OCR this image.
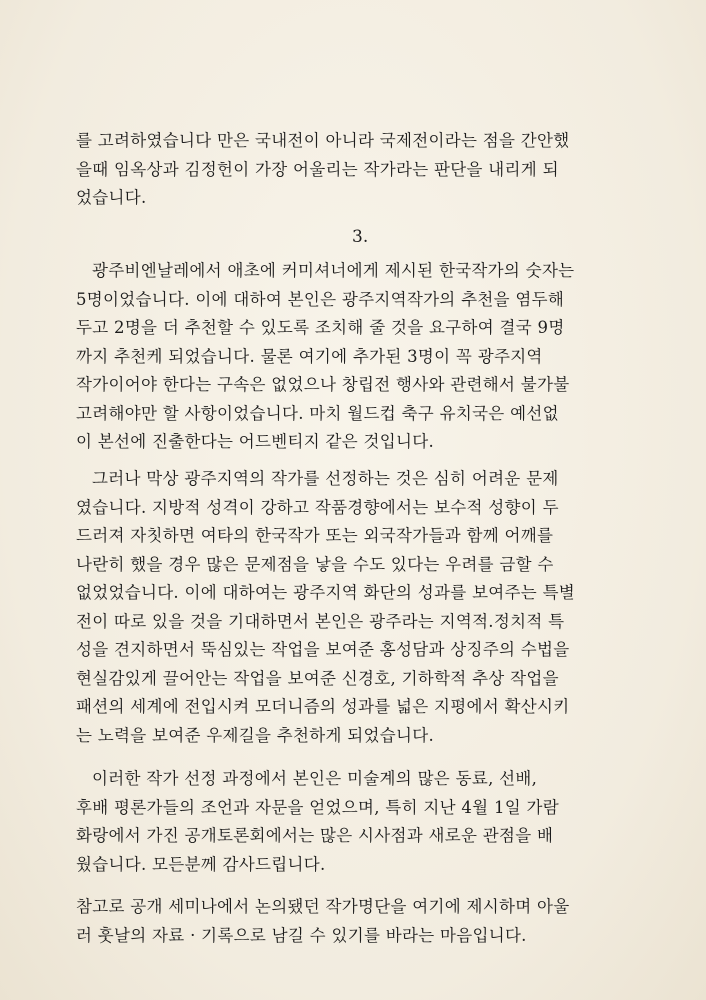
를 고려하였습니다 만은 국내전이 아니라 국제전이라는 점을 간안했
을때 임옥상과 김정헌이 가장 어울리는 작가라는 판단을 내리게 되
었습니다.
3.
광주비엔날레에서 애초에 커미셔너에게 제시된 한국작가의 숫자는
5명이었습니다. 이에 대하여 본인은 광주지역작가의 추천을 염두해
두고 2명을 더 추천할 수 있도록 조치해 줄 것을 요구하여 결국 9명
까지 추천케 되었습니다. 물론 여기에 추가된 3명이 꼭 광주지역
작가이어야 한다는 구속은 없었으나 창립전 행사와 관련해서 불가불
고려해야만 할 사항이었습니다. 마치 월드컵 축구 유치국은 예선없
이 본선에 진출한다는 어드벤티지 같은 것입니다.
그러나 막상 광주지역의 작가를 선정하는 것은 심히 어려운 문제
였습니다. 지방적 성격이 강하고 작품경향에서는 보수적 성향이 두
드러져 자칫하면 여타의 한국작가 또는 외국작가들과 함께 어깨를
나란히 했을 경우 많은 문제점을 낳을 수도 있다는 우려를 금할 수
없었었습니다. 이에 대하여는 광주지역 화단의 성과를 보여주는 특별
전이 따로 있을 것을 기대하면서 본인은 광주라는 지역적.정치적 특
성을 견지하면서 뚝심있는 작업을 보여준 홍성담과 상징주의 수법을
현실감있게 끌어안는 작업을 보여준 신경호, 기하학적 추상 작업을
패션의 세계에 전입시켜 모더니즘의 성과를 넓은 지평에서 확산시키
는 노력을 보여준 우제길을 추천하게 되었습니다.
이러한 작가 선정 과정에서 본인은 미술계의 많은 동료, 선배,
후배 평론가들의 조언과 자문을 얻었으며, 특히 지난 4월 1일 가람
화랑에서 가진 공개토론회에서는 많은 시사점과 새로운 관점을 배
웠습니다. 모든분께 감사드립니다.
참고로 공개 세미나에서 논의됐던 작가명단을 여기에 제시하며 아울
러 훗날의 자료 · 기록으로 남길 수 있기를 바라는 마음입니다.
